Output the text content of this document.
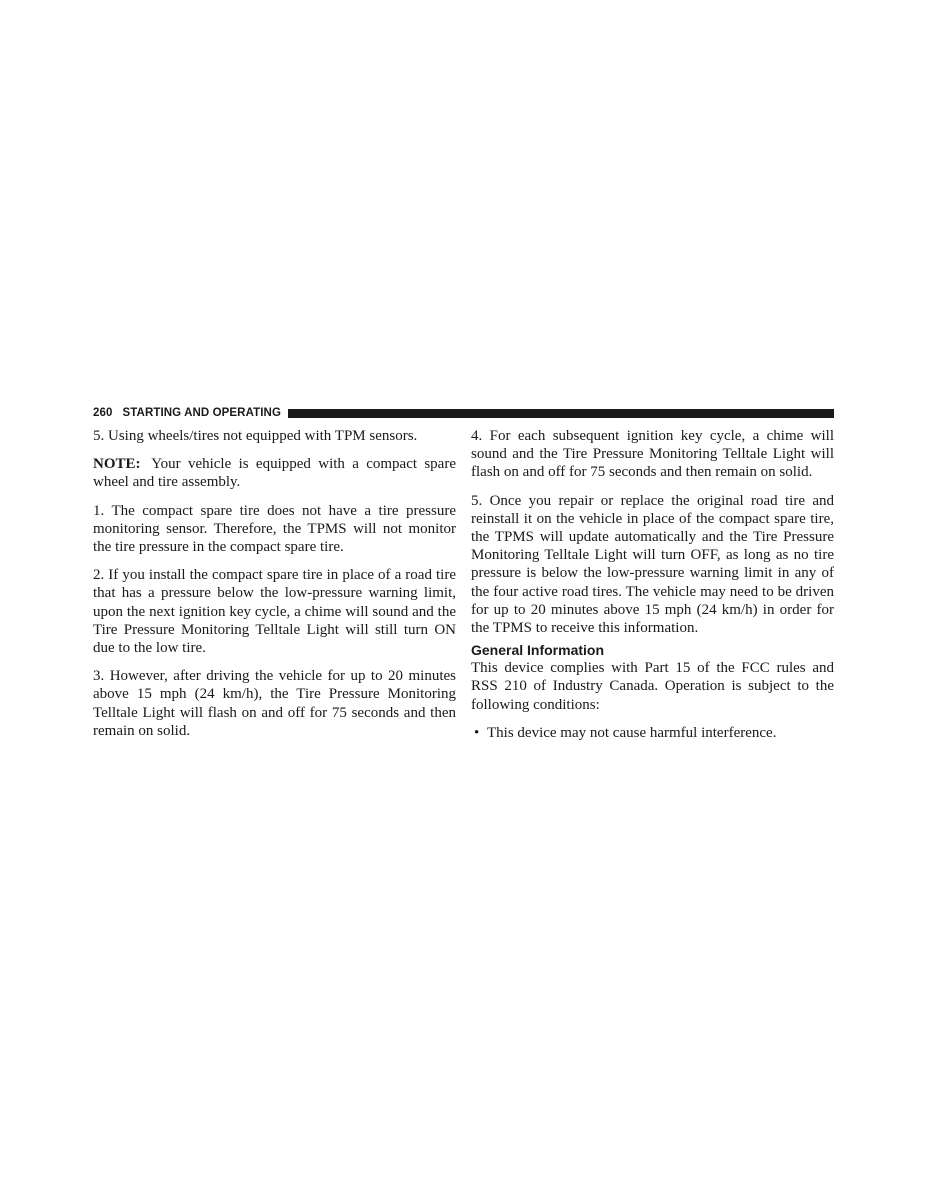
260 STARTING AND OPERATING

5. Using wheels/tires not equipped with TPM sensors.

NOTE: Your vehicle is equipped with a compact spare wheel and tire assembly.

1. The compact spare tire does not have a tire pressure monitoring sensor. Therefore, the TPMS will not monitor the tire pressure in the compact spare tire.

2. If you install the compact spare tire in place of a road tire that has a pressure below the low-pressure warning limit, upon the next ignition key cycle, a chime will sound and the Tire Pressure Monitoring Telltale Light will still turn ON due to the low tire.

3. However, after driving the vehicle for up to 20 minutes above 15 mph (24 km/h), the Tire Pressure Monitoring Telltale Light will flash on and off for 75 seconds and then remain on solid.

4. For each subsequent ignition key cycle, a chime will sound and the Tire Pressure Monitoring Telltale Light will flash on and off for 75 seconds and then remain on solid.

5. Once you repair or replace the original road tire and reinstall it on the vehicle in place of the compact spare tire, the TPMS will update automatically and the Tire Pressure Monitoring Telltale Light will turn OFF, as long as no tire pressure is below the low-pressure warning limit in any of the four active road tires. The vehicle may need to be driven for up to 20 minutes above 15 mph (24 km/h) in order for the TPMS to receive this information.

General Information

This device complies with Part 15 of the FCC rules and RSS 210 of Industry Canada. Operation is subject to the following conditions:

• This device may not cause harmful interference.
